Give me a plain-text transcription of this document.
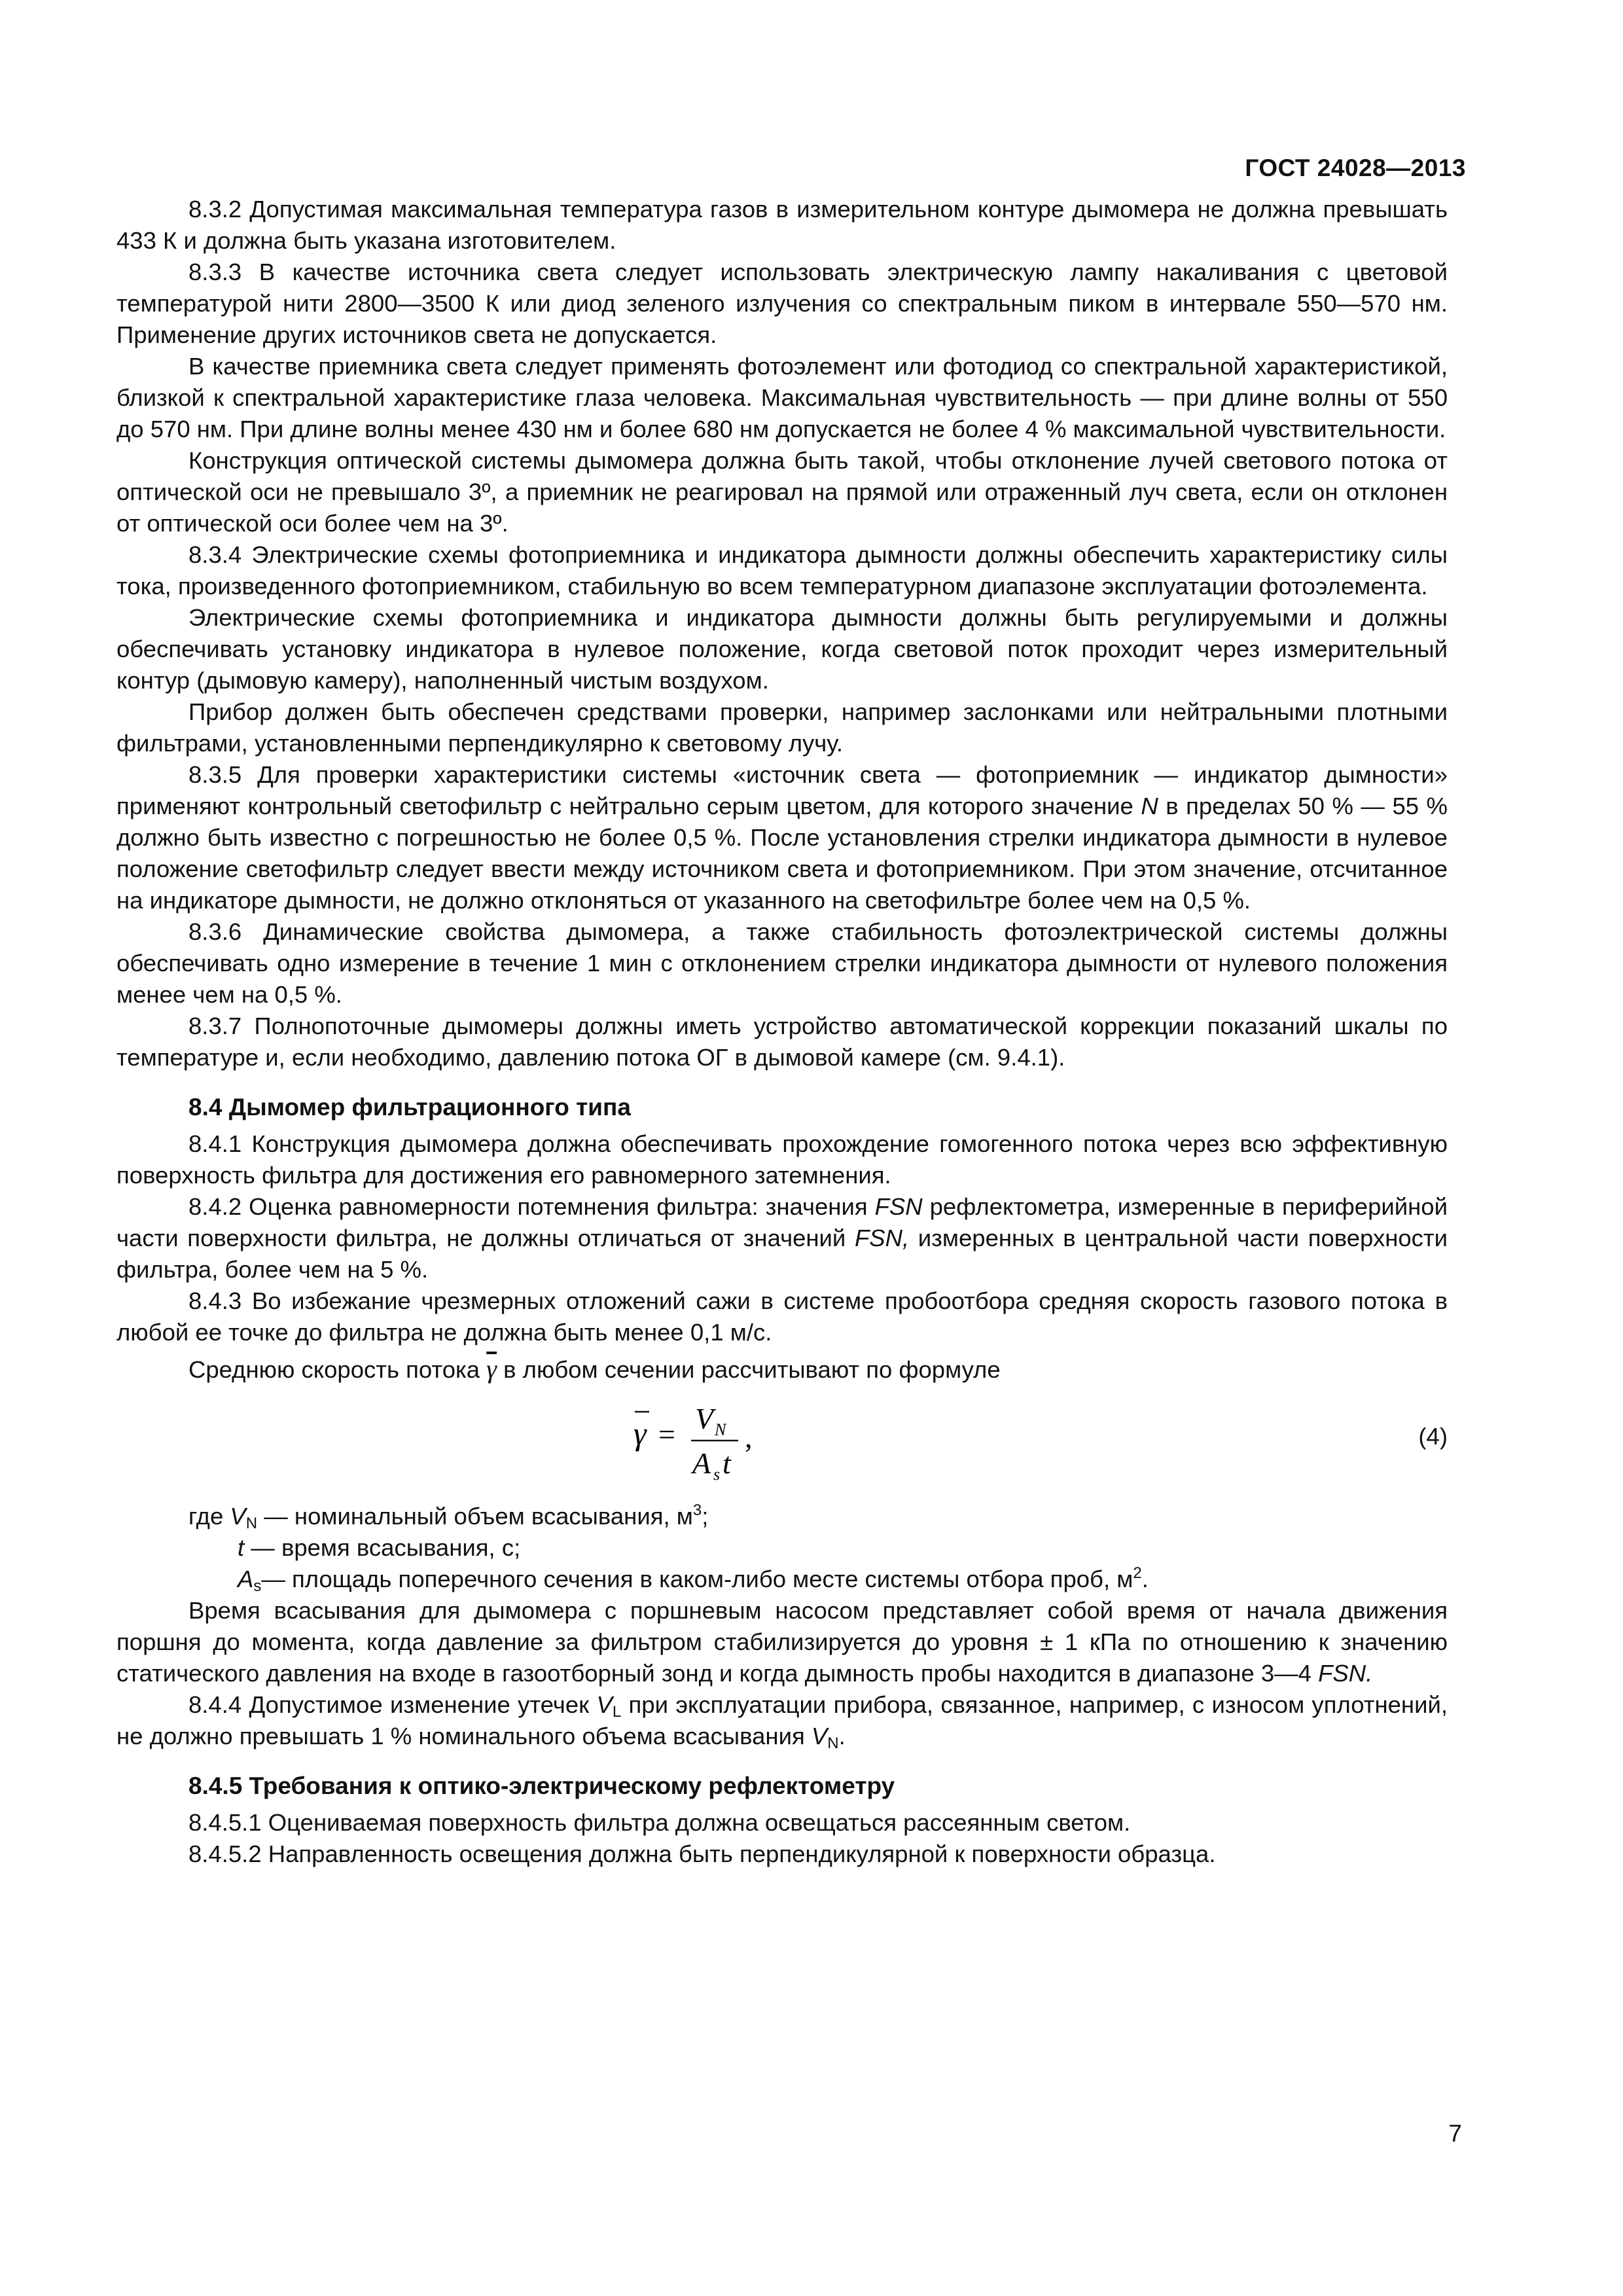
ГОСТ 24028—2013

8.3.2 Допустимая максимальная температура газов в измерительном контуре дымомера не должна превышать 433 К и должна быть указана изготовителем.

8.3.3 В качестве источника света следует использовать электрическую лампу накаливания с цветовой температурой нити 2800—3500 К или диод зеленого излучения со спектральным пиком в интервале 550—570 нм. Применение других источников света не допускается.

В качестве приемника света следует применять фотоэлемент или фотодиод со спектральной характеристикой, близкой к спектральной характеристике глаза человека. Максимальная чувствительность — при длине волны от 550 до 570 нм. При длине волны менее 430 нм и более 680 нм допускается не более 4 % максимальной чувствительности.

Конструкция оптической системы дымомера должна быть такой, чтобы отклонение лучей светового потока от оптической оси не превышало 3º, а приемник не реагировал на прямой или отраженный луч света, если он отклонен от оптической оси более чем на 3º.

8.3.4 Электрические схемы фотоприемника и индикатора дымности должны обеспечить характеристику силы тока, произведенного фотоприемником, стабильную во всем температурном диапазоне эксплуатации фотоэлемента.

Электрические схемы фотоприемника и индикатора дымности должны быть регулируемыми и должны обеспечивать установку индикатора в нулевое положение, когда световой поток проходит через измерительный контур (дымовую камеру), наполненный чистым воздухом.

Прибор должен быть обеспечен средствами проверки, например заслонками или нейтральными плотными фильтрами, установленными перпендикулярно к световому лучу.

8.3.5 Для проверки характеристики системы «источник света — фотоприемник — индикатор дымности» применяют контрольный светофильтр с нейтрально серым цветом, для которого значение N в пределах 50 % — 55 % должно быть известно с погрешностью не более 0,5 %. После установления стрелки индикатора дымности в нулевое положение светофильтр следует ввести между источником света и фотоприемником. При этом значение, отсчитанное на индикаторе дымности, не должно отклоняться от указанного на светофильтре более чем на 0,5 %.

8.3.6 Динамические свойства дымомера, а также стабильность фотоэлектрической системы должны обеспечивать одно измерение в течение 1 мин с отклонением стрелки индикатора дымности от нулевого положения менее чем на 0,5 %.

8.3.7 Полнопоточные дымомеры должны иметь устройство автоматической коррекции показаний шкалы по температуре и, если необходимо, давлению потока ОГ в дымовой камере (см. 9.4.1).

8.4 Дымомер фильтрационного типа

8.4.1 Конструкция дымомера должна обеспечивать прохождение гомогенного потока через всю эффективную поверхность фильтра для достижения его равномерного затемнения.

8.4.2 Оценка равномерности потемнения фильтра: значения FSN рефлектометра, измеренные в периферийной части поверхности фильтра, не должны отличаться от значений FSN, измеренных в центральной части поверхности фильтра, более чем на 5 %.

8.4.3 Во избежание чрезмерных отложений сажи в системе пробоотбора средняя скорость газового потока в любой ее точке до фильтра не должна быть менее 0,1 м/с.

Среднюю скорость потока $\overline{\gamma}$ в любом сечении рассчитывают по формуле

γ = V N
A s t
,	(4)

где $V_N$ — номинальный объем всасывания, $м^3$;

t — время всасывания, с;

$A_s—$ площадь поперечного сечения в каком-либо месте системы отбора проб, $м^2$.

Время всасывания для дымомера с поршневым насосом представляет собой время от начала движения поршня до момента, когда давление за фильтром стабилизируется до уровня ± 1 кПа по отношению к значению статического давления на входе в газоотборный зонд и когда дымность пробы находится в диапазоне 3—4 FSN.

8.4.4 Допустимое изменение утечек $V_L$ при эксплуатации прибора, связанное, например, с износом уплотнений, не должно превышать 1 % номинального объема всасывания $V_N$.

8.4.5 Требования к оптико-электрическому рефлектометру

8.4.5.1 Оцениваемая поверхность фильтра должна освещаться рассеянным светом.

8.4.5.2 Направленность освещения должна быть перпендикулярной к поверхности образца.

7
